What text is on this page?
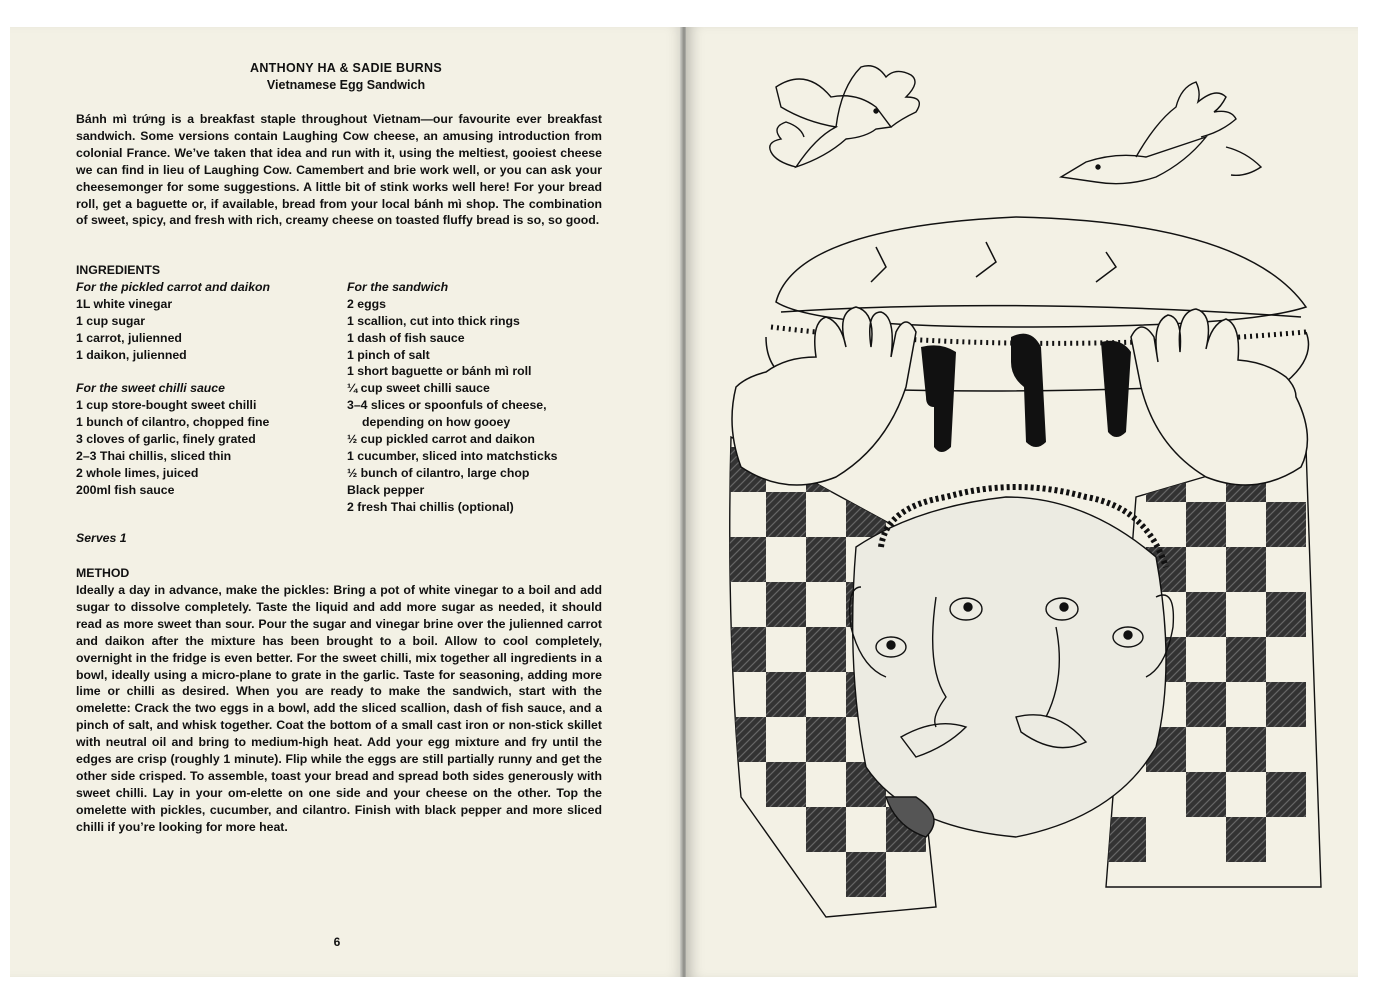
ANTHONY HA & SADIE BURNS
Vietnamese Egg Sandwich
Bánh mì trứng is a breakfast staple throughout Vietnam—our favourite ever breakfast sandwich. Some versions contain Laughing Cow cheese, an amusing introduction from colonial France. We’ve taken that idea and run with it, using the meltiest, gooiest cheese we can find in lieu of Laughing Cow. Camembert and brie work well, or you can ask your cheesemonger for some suggestions. A little bit of stink works well here! For your bread roll, get a baguette or, if available, bread from your local bánh mì shop. The combination of sweet, spicy, and fresh with rich, creamy cheese on toasted fluffy bread is so, so good.
INGREDIENTS
For the pickled carrot and daikon
1L white vinegar
1 cup sugar
1 carrot, julienned
1 daikon, julienned
For the sweet chilli sauce
1 cup store-bought sweet chilli
1 bunch of cilantro, chopped fine
3 cloves of garlic, finely grated
2–3 Thai chillis, sliced thin
2 whole limes, juiced
200ml fish sauce
For the sandwich
2 eggs
1 scallion, cut into thick rings
1 dash of fish sauce
1 pinch of salt
1 short baguette or bánh mì roll
¼ cup sweet chilli sauce
3–4 slices or spoonfuls of cheese,
depending on how gooey
½ cup pickled carrot and daikon
1 cucumber, sliced into matchsticks
½ bunch of cilantro, large chop
Black pepper
2 fresh Thai chillis (optional)
Serves 1
METHOD
Ideally a day in advance, make the pickles: Bring a pot of white vinegar to a boil and add sugar to dissolve completely. Taste the liquid and add more sugar as needed, it should read as more sweet than sour. Pour the sugar and vinegar brine over the julienned carrot and daikon after the mixture has been brought to a boil. Allow to cool completely, overnight in the fridge is even better. For the sweet chilli, mix together all ingredients in a bowl, ideally using a micro-plane to grate in the garlic. Taste for seasoning, adding more lime or chilli as desired. When you are ready to make the sandwich, start with the omelette: Crack the two eggs in a bowl, add the sliced scallion, dash of fish sauce, and a pinch of salt, and whisk together. Coat the bottom of a small cast iron or non-stick skillet with neutral oil and bring to medium-high heat. Add your egg mixture and fry until the edges are crisp (roughly 1 minute). Flip while the eggs are still partially runny and get the other side crisped. To assemble, toast your bread and spread both sides generously with sweet chilli. Lay in your om-elette on one side and your cheese on the other. Top the omelette with pickles, cucumber, and cilantro. Finish with black pepper and more sliced chilli if you’re looking for more heat.
6
